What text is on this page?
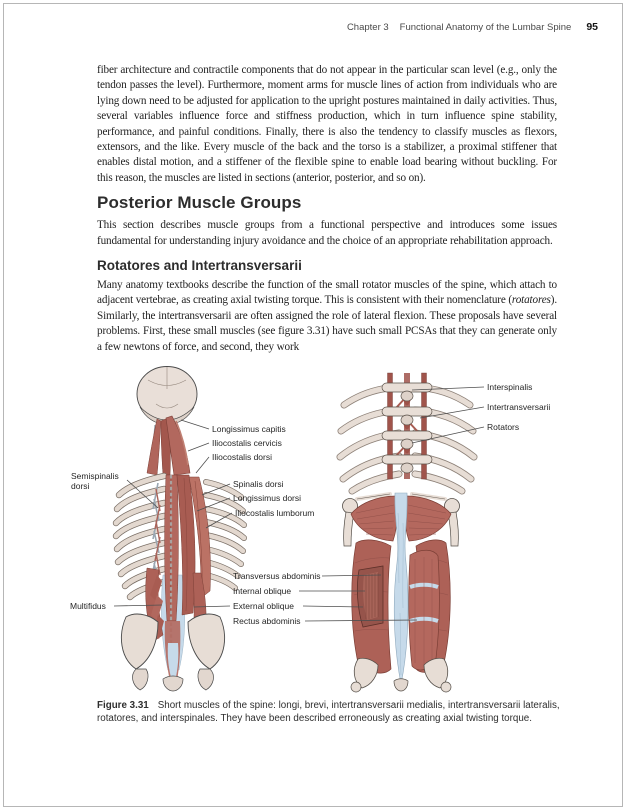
Chapter 3 Functional Anatomy of the Lumbar Spine 95

fiber architecture and contractile components that do not appear in the particular scan level (e.g., only the tendon passes the level). Furthermore, moment arms for muscle lines of action from individuals who are lying down need to be adjusted for application to the upright postures maintained in daily activities. Thus, several variables influence force and stiffness production, which in turn influence spine stability, performance, and painful conditions. Finally, there is also the tendency to classify muscles as flexors, extensors, and the like. Every muscle of the back and the torso is a stabilizer, a proximal stiffener that enables distal motion, and a stiffener of the flexible spine to enable load bearing without buckling. For this reason, the muscles are listed in sections (anterior, posterior, and so on).

Posterior Muscle Groups

This section describes muscle groups from a functional perspective and introduces some issues fundamental for understanding injury avoidance and the choice of an appropriate rehabilitation approach.

Rotatores and Intertransversarii

Many anatomy textbooks describe the function of the small rotator muscles of the spine, which attach to adjacent vertebrae, as creating axial twisting torque. This is consistent with their nomenclature (rotatores). Similarly, the intertransversarii are often assigned the role of lateral flexion. These proposals have several problems. First, these small muscles (see figure 3.31) have such small PCSAs that they can generate only a few newtons of force, and second, they work

Interspinalis
Intertransversarii
Rotators
Longissimus capitis
Iliocostalis cervicis
Iliocostalis dorsi
Semispinalis dorsi	Spinalis dorsi
Longissimus dorsi
Iliocostalis lumborum
Multifidus
Transversus abdominis
Internal oblique
External oblique
Rectus abdominis

Figure 3.31 Short muscles of the spine: longi, brevi, intertransversarii medialis, intertransversarii lateralis, rotatores, and interspinales. They have been described erroneously as creating axial twisting torque.
